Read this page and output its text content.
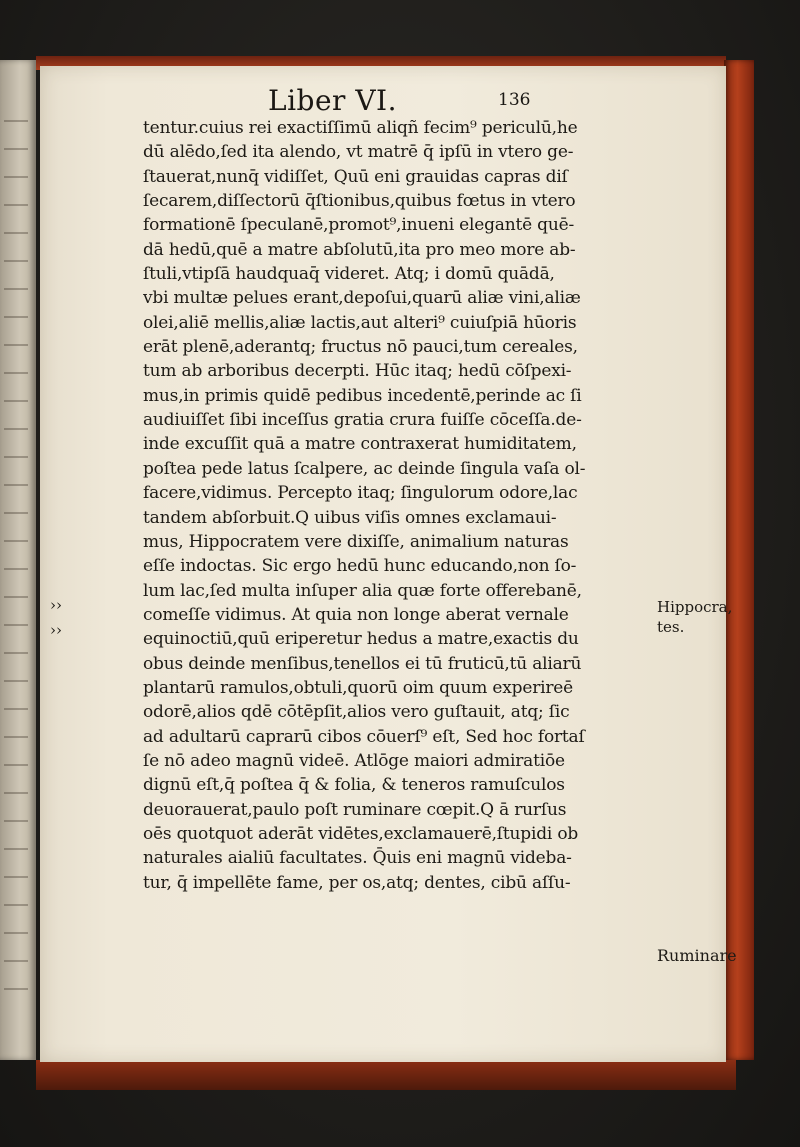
Liber VI.	136
››
››
tentur.cuius rei exactiſſimū aliqñ fecim⁹ periculū,he
dū alēdo,ſed ita alendo, vt matrē q̄ ipſū in vtero ge-
ſtauerat,nunq̄ vidiſſet, Quū eni grauidas capras diſ
ſecarem,diſſectorū q̄ſtionibus,quibus fœtus in vtero
formationē ſpeculanē,promot⁹,inueni elegantē quē-
dā hedū,quē a matre abſolutū,ita pro meo more ab-
ſtuli,vtipſā haudquaq̄ videret. Atq; i domū quādā,
vbi multæ pelues erant,depoſui,quarū aliæ vini,aliæ
olei,aliē mellis,aliæ lactis,aut alteri⁹ cuiuſpiā hūoris
erāt plenē,aderantq; fructus nō pauci,tum cereales,
tum ab arboribus decerpti. Hūc itaq; hedū cōſpexi-
mus,in primis quidē pedibus incedentē,perinde ac ſi
audiuiſſet ſibi inceſſus gratia crura fuiſſe cōceſſa.de-
inde excuſſit quā a matre contraxerat humiditatem,
poſtea pede latus ſcalpere, ac deinde ſingula vaſa ol-
facere,vidimus. Percepto itaq; ſingulorum odore,lac
tandem abſorbuit.Q uibus viſis omnes exclamaui-
mus, Hippocratem vere dixiſſe, animalium naturas
eſſe indoctas. Sic ergo hedū hunc educando,non ſo-
lum lac,ſed multa inſuper alia quæ forte offerebanē,
comeſſe vidimus. At quia non longe aberat vernale
equinoctiū,quū eriperetur hedus a matre,exactis du
obus deinde menſibus,tenellos ei tū fruticū,tū aliarū
plantarū ramulos,obtuli,quorū oim quum experireē
odorē,alios qdē cōtēpſit,alios vero guſtauit, atq; ſic
ad adultarū caprarū cibos cōuerſ⁹ eſt, Sed hoc fortaſ
ſe nō adeo magnū videē. Atlōge maiori admiratiōe
dignū eſt,q̄ poſtea q̄ & folia, & teneros ramuſculos
deuorauerat,paulo poſt ruminare cœpit.Q ā rurſus
oēs quotquot aderāt vidētes,exclamauerē,ſtupidi ob
naturales aialiū facultates. Q̄uis eni magnū videba-
tur, q̄ impellēte fame, per os,atq; dentes, cibū aſſu-
Hippocra,
tes.
Ruminare
